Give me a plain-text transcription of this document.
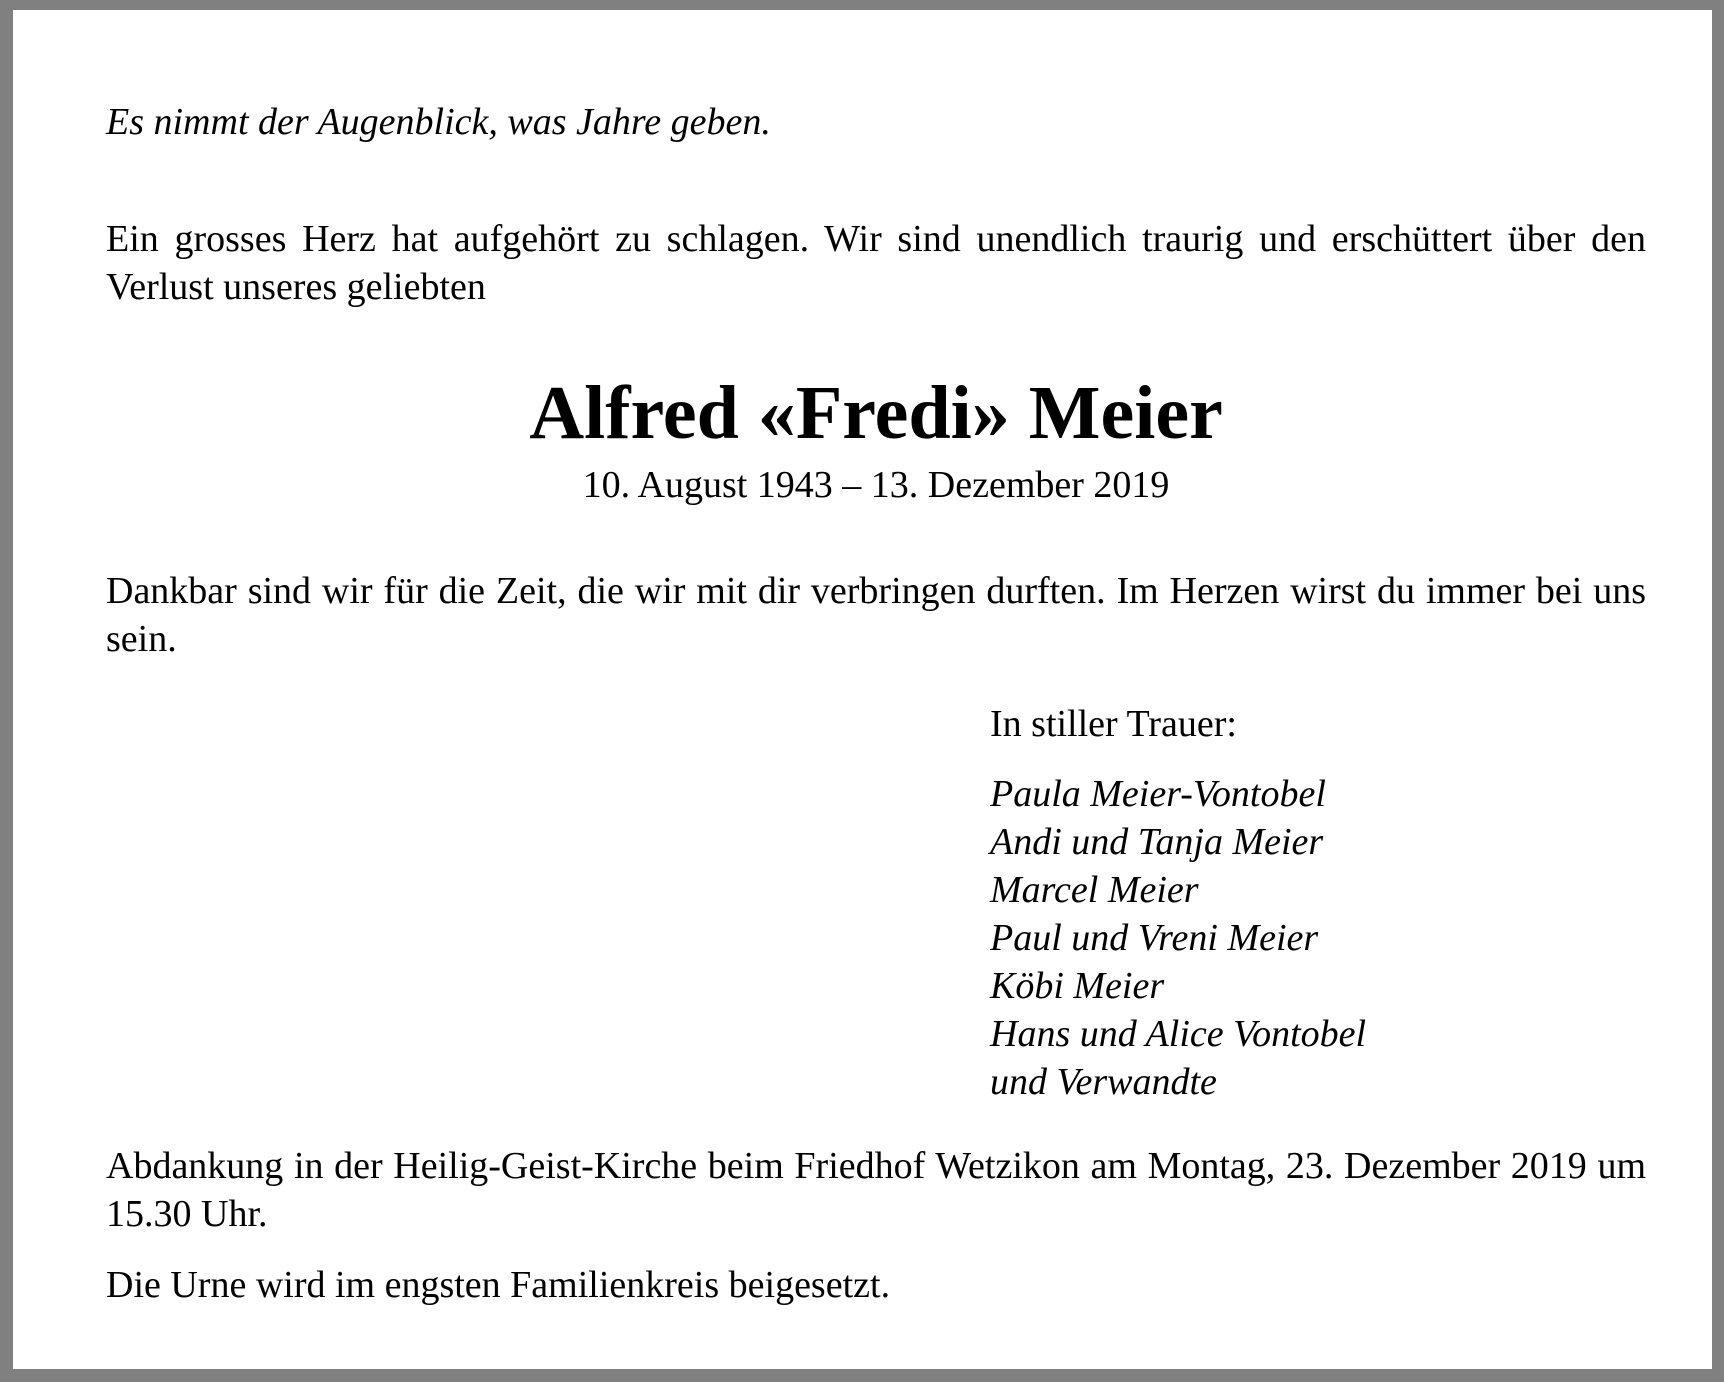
Es nimmt der Augenblick, was Jahre geben.

Ein grosses Herz hat aufgehört zu schlagen. Wir sind unendlich traurig und erschüttert über den Verlust unseres geliebten

Alfred «Fredi» Meier

10. August 1943 – 13. Dezember 2019

Dankbar sind wir für die Zeit, die wir mit dir verbringen durften. Im Herzen wirst du immer bei uns sein.

In stiller Trauer:

Paula Meier-Vontobel
Andi und Tanja Meier
Marcel Meier
Paul und Vreni Meier
Köbi Meier
Hans und Alice Vontobel
und Verwandte

Abdankung in der Heilig-Geist-Kirche beim Friedhof Wetzikon am Montag, 23. Dezember 2019 um 15.30 Uhr.

Die Urne wird im engsten Familienkreis beigesetzt.
